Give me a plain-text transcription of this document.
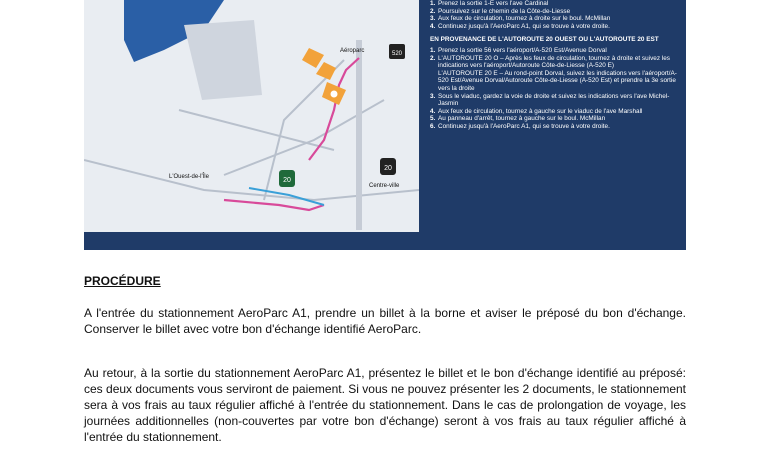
Aéroparc
L'Ouest-de-l'Île
Centre-ville
520
20
20
1. Prenez la sortie 1-E vers l'ave Cardinal
2. Poursuivez sur le chemin de la Côte-de-Liesse
3. Aux feux de circulation, tournez à droite sur le boul. McMillan
4. Continuez jusqu'à l'AeroParc A1, qui se trouve à votre droite.
EN PROVENANCE DE L'AUTOROUTE 20 OUEST OU L'AUTOROUTE 20 EST
1. Prenez la sortie 56 vers l'aéroport/A-520 Est/Avenue Dorval
2. L'AUTOROUTE 20 O – Après les feux de circulation, tournez à droite et suivez les indications vers l'aéroport/Autoroute Côte-de-Liesse (A-520 E)
L'AUTOROUTE 20 E – Au rond-point Dorval, suivez les indications vers l'aéroport/A-520 Est/Avenue Dorval/Autoroute Côte-de-Liesse (A-520 Est) et prendre la 3e sortie vers la droite
3. Sous le viaduc, gardez la voie de droite et suivez les indications vers l'ave Michel-Jasmin
4. Aux feux de circulation, tournez à gauche sur le viaduc de l'ave Marshall
5. Au panneau d'arrêt, tournez à gauche sur le boul. McMillan
6. Continuez jusqu'à l'AeroParc A1, qui se trouve à votre droite.
PROCÉDURE

A l'entrée du stationnement AeroParc A1, prendre un billet à la borne et aviser le préposé du bon d'échange. Conserver le billet avec votre bon d'échange identifié AeroParc.

Au retour, à la sortie du stationnement AeroParc A1, présentez le billet et le bon d'échange identifié au préposé: ces deux documents vous serviront de paiement. Si vous ne pouvez présenter les 2 documents, le stationnement sera à vos frais au taux régulier affiché à l'entrée du stationnement. Dans le cas de prolongation de voyage, les journées additionnelles (non-couvertes par votre bon d'échange) seront à vos frais au taux régulier affiché à l'entrée du stationnement.
